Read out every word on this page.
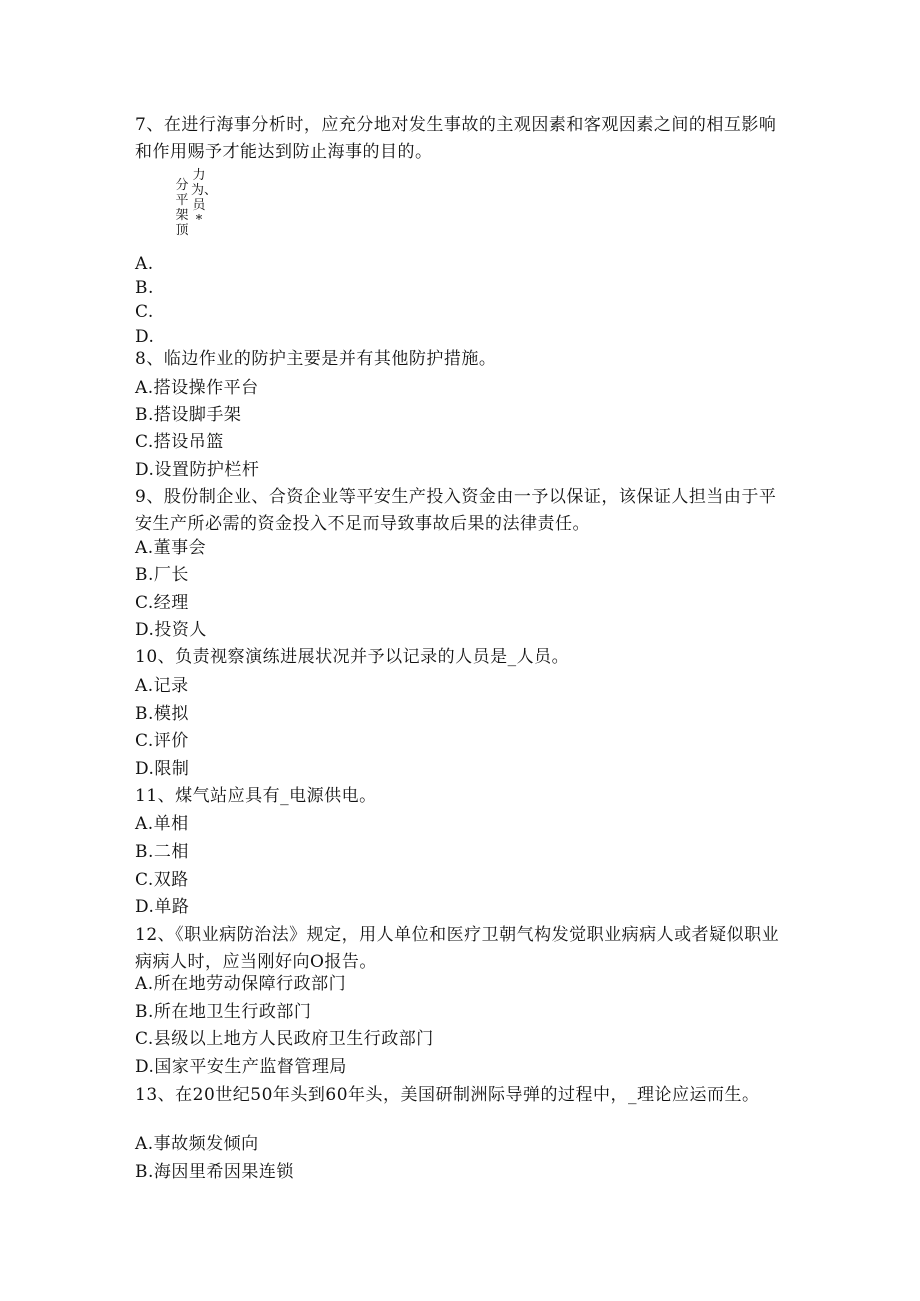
7、在进行海事分析时，应充分地对发生事故的主观因素和客观因素之间的相互影响和作用赐予才能达到防止海事的目的。
分平架顶
力为、员*
A.
B.
C.
D.
8、临边作业的防护主要是并有其他防护措施。
A.搭设操作平台
B.搭设脚手架
C.搭设吊篮
D.设置防护栏杆
9、股份制企业、合资企业等平安生产投入资金由一予以保证，该保证人担当由于平安生产所必需的资金投入不足而导致事故后果的法律责任。
A.董事会
B.厂长
C.经理
D.投资人
10、负责视察演练进展状况并予以记录的人员是_人员。
A.记录
B.模拟
C.评价
D.限制
11、煤气站应具有_电源供电。
A.单相
B.二相
C.双路
D.单路
12、《职业病防治法》规定，用人单位和医疗卫朝气构发觉职业病病人或者疑似职业病病人时，应当刚好向O报告。
A.所在地劳动保障行政部门
B.所在地卫生行政部门
C.县级以上地方人民政府卫生行政部门
D.国家平安生产监督管理局
13、在20世纪50年头到60年头，美国研制洲际导弹的过程中，_理论应运而生。
A.事故频发倾向
B.海因里希因果连锁
